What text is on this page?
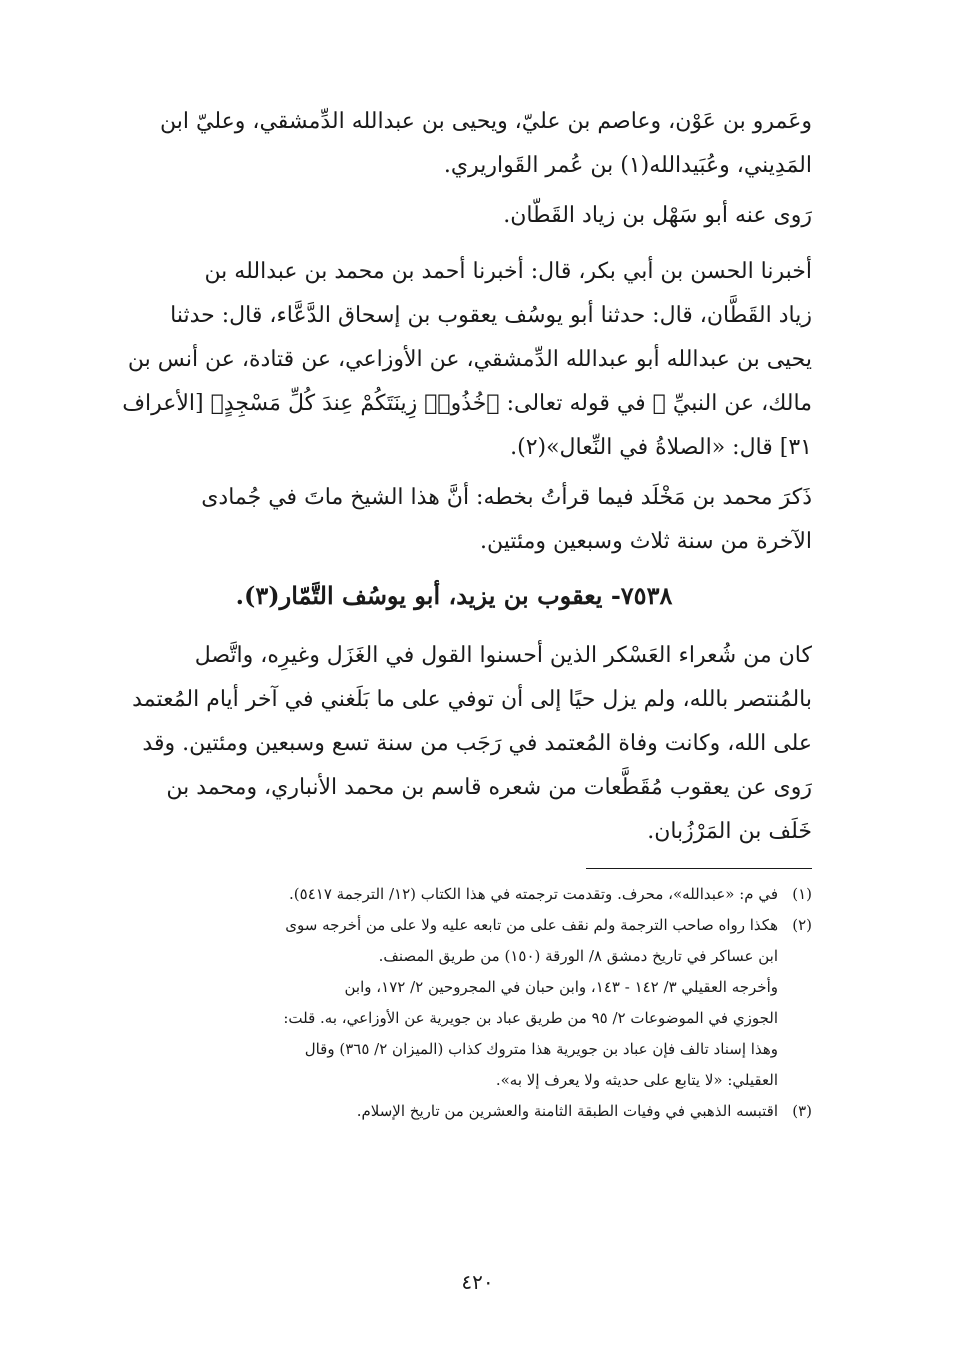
وعَمرو بن عَوْن، وعاصم بن عليّ، ويحيى بن عبدالله الدِّمشقي، وعليّ ابن
المَدِيني، وعُبَيدالله(١) بن عُمر القَواريري.
رَوى عنه أبو سَهْل بن زياد القَطّان.
أخبرنا الحسن بن أبي بكر، قال: أخبرنا أحمد بن محمد بن عبدالله بن
زياد القَطَّان، قال: حدثنا أبو يوسُف يعقوب بن إسحاق الدَّعَّاء، قال: حدثنا
يحيى بن عبدالله أبو عبدالله الدِّمشقي، عن الأوزاعي، عن قتادة، عن أنس بن
مالك، عن النبيِّ ﷺ في قوله تعالى: ﴿خُذُوا۟ زِينَتَكُمْ عِندَ كُلِّ مَسْجِدٍ﴾ [الأعراف
٣١] قال: «الصلاةُ في النِّعال»(٢).
ذَكرَ محمد بن مَخْلَد فيما قرأتُ بخطه: أنَّ هذا الشيخ ماتَ في جُمادى
الآخرة من سنة ثلاث وسبعين ومئتين.
٧٥٣٨- يعقوب بن يزيد، أبو يوسُف التَّمّار(٣).
كان من شُعراء العَسْكر الذين أحسنوا القول في الغَزَل وغيرِه، واتَّصل
بالمُنتصر بالله، ولم يزل حيًا إلى أن توفي على ما بَلَغني في آخر أيام المُعتمد
على الله، وكانت وفاة المُعتمد في رَجَب من سنة تسع وسبعين ومئتين. وقد
رَوى عن يعقوب مُقَطَّعات من شعره قاسم بن محمد الأنباري، ومحمد بن
خَلَف بن المَرْزُبان.
(١)في م: «عبدالله»، محرف. وتقدمت ترجمته في هذا الكتاب (١٢/ الترجمة ٥٤١٧).
(٢)هكذا رواه صاحب الترجمة ولم نقف على من تابعه عليه ولا على من أخرجه سوى
ابن عساكر في تاريخ دمشق ٨/ الورقة (١٥٠) من طريق المصنف.
وأخرجه العقيلي ٣/ ١٤٢ - ١٤٣، وابن حبان في المجروحين ٢/ ١٧٢، وابن
الجوزي في الموضوعات ٢/ ٩٥ من طريق عباد بن جويرية عن الأوزاعي، به. قلت:
وهذا إسناد تالف فإن عباد بن جويرية هذا متروك كذاب (الميزان ٢/ ٣٦٥) وقال
العقيلي: «لا يتابع على حديثه ولا يعرف إلا به».
(٣)اقتبسه الذهبي في وفيات الطبقة الثامنة والعشرين من تاريخ الإسلام.
٤٢٠
